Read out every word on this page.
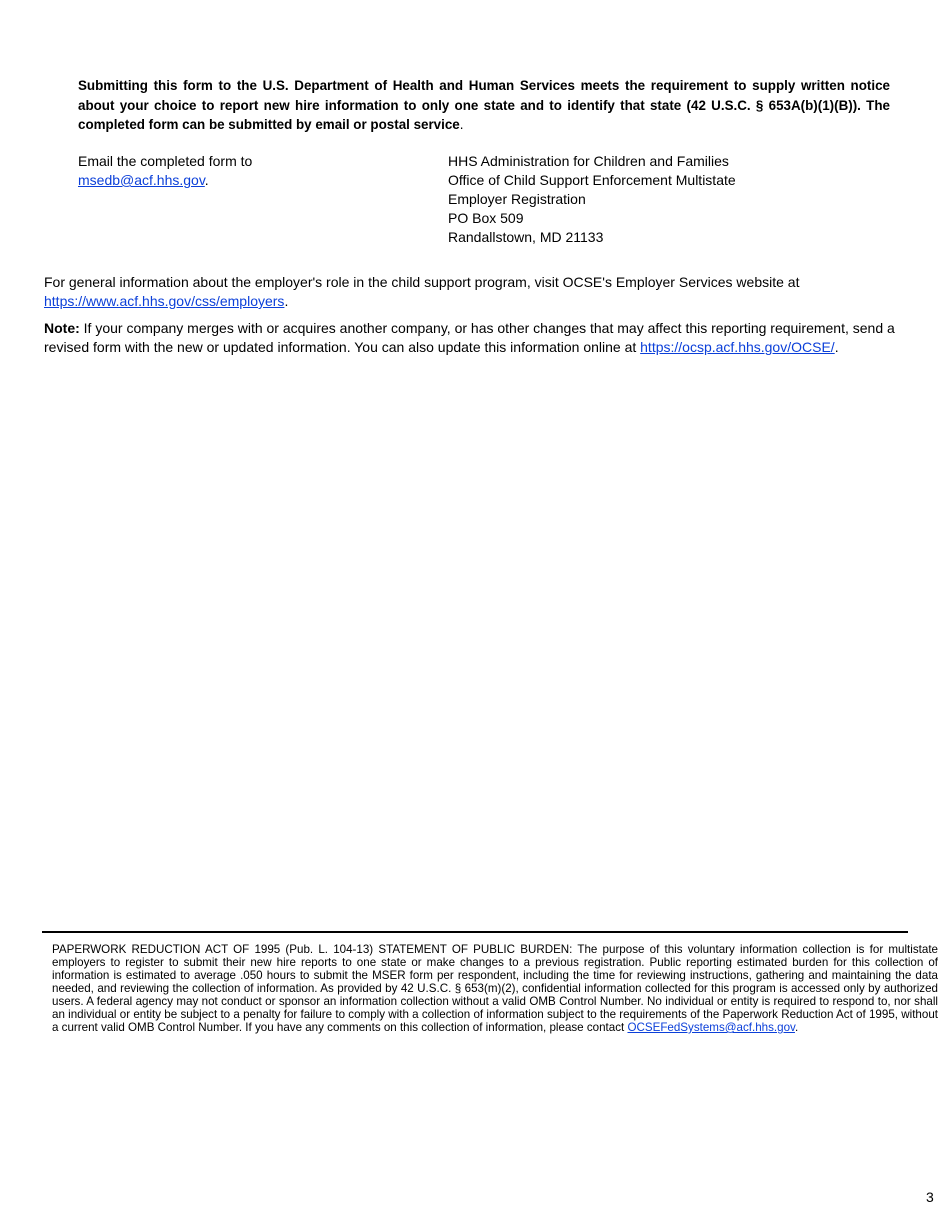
Submitting this form to the U.S. Department of Health and Human Services meets the requirement to supply written notice about your choice to report new hire information to only one state and to identify that state (42 U.S.C. § 653A(b)(1)(B)). The completed form can be submitted by email or postal service.
Email the completed form to
msedb@acf.hhs.gov.
HHS Administration for Children and Families
Office of Child Support Enforcement Multistate
Employer Registration
PO Box 509
Randallstown, MD 21133
For general information about the employer's role in the child support program, visit OCSE's Employer Services website at https://www.acf.hhs.gov/css/employers.
Note: If your company merges with or acquires another company, or has other changes that may affect this reporting requirement, send a revised form with the new or updated information. You can also update this information online at https://ocsp.acf.hhs.gov/OCSE/.
PAPERWORK REDUCTION ACT OF 1995 (Pub. L. 104-13) STATEMENT OF PUBLIC BURDEN: The purpose of this voluntary information collection is for multistate employers to register to submit their new hire reports to one state or make changes to a previous registration. Public reporting estimated burden for this collection of information is estimated to average .050 hours to submit the MSER form per respondent, including the time for reviewing instructions, gathering and maintaining the data needed, and reviewing the collection of information. As provided by 42 U.S.C. § 653(m)(2), confidential information collected for this program is accessed only by authorized users. A federal agency may not conduct or sponsor an information collection without a valid OMB Control Number. No individual or entity is required to respond to, nor shall an individual or entity be subject to a penalty for failure to comply with a collection of information subject to the requirements of the Paperwork Reduction Act of 1995, without a current valid OMB Control Number. If you have any comments on this collection of information, please contact OCSEFedSystems@acf.hhs.gov.
3
